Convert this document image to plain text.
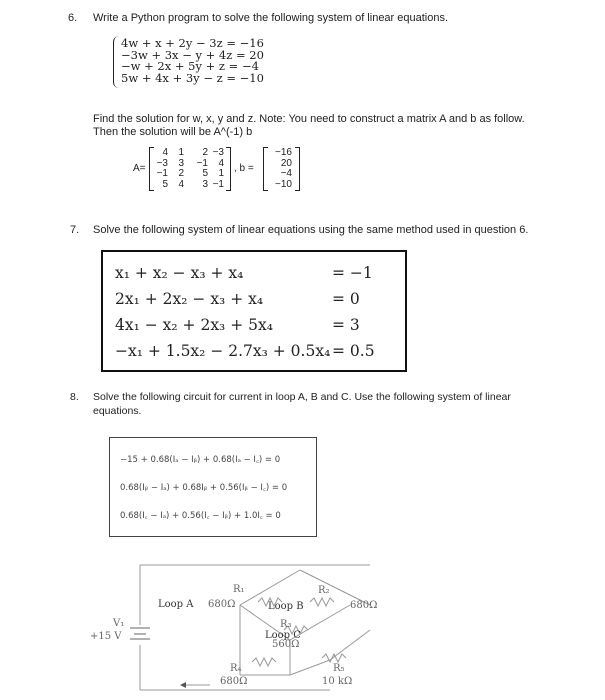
6. Write a Python program to solve the following system of linear equations.
4w + x + 2y − 3z = −16
−3w + 3x − y + 4z = 20
−w + 2x + 5y + z = −4
5w + 4x + 3y − z = −10
Find the solution for w, x, y and z. Note: You need to construct a matrix A and b as follow.
Then the solution will be A^(-1) b
A=
4	1	2 −3
−3	3	−1	4
−1	2	5	1
5	4	3 −1
, b =
−16
20
−4
−10
7. Solve the following system of linear equations using the same method used in question 6.
x₁ + x₂ − x₃ + x₄	= −1
2x₁ + 2x₂ − x₃ + x₄	= 0
4x₁ − x₂ + 2x₃ + 5x₄	= 3
−x₁ + 1.5x₂ − 2.7x₃ + 0.5x₄ = 0.5
8. Solve the following circuit for current in loop A, B and C. Use the following system of linear
equations.
−15 + 0.68(Iₐ − Iᵦ) + 0.68(Iₐ − I꜀) = 0
0.68(Iᵦ − Iₐ) + 0.68Iᵦ + 0.56(Iᵦ − I꜀) = 0
0.68(I꜀ − Iₐ) + 0.56(I꜀ − Iᵦ) + 1.0I꜀ = 0
Loop A	Loop B
Loop C
V₁
+15 V
R₁
680Ω
R₂
680Ω
R₃
560Ω
R₄
680Ω
R₅
10 kΩ
